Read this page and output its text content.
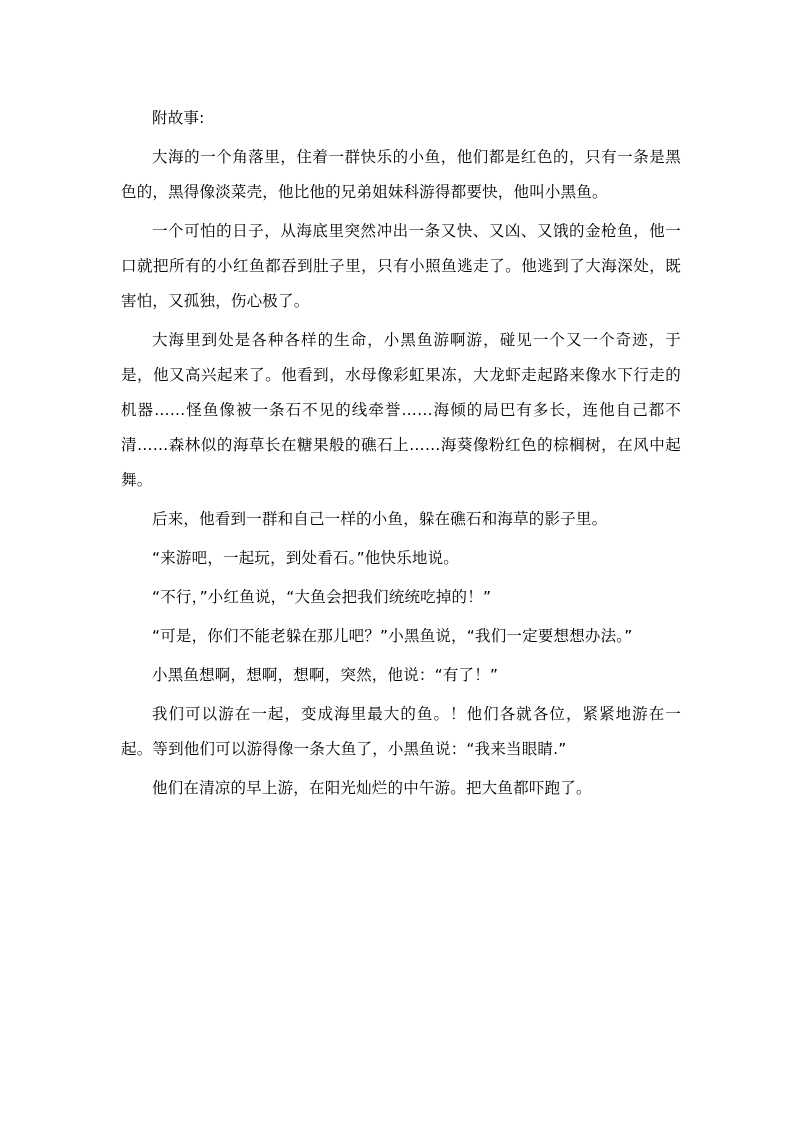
附故事:

大海的一个角落里，住着一群快乐的小鱼，他们都是红色的，只有一条是黑色的，黑得像淡菜壳，他比他的兄弟姐妹科游得都要快，他叫小黑鱼。

一个可怕的日子，从海底里突然冲出一条又快、又凶、又饿的金枪鱼，他一口就把所有的小红鱼都吞到肚子里，只有小照鱼逃走了。他逃到了大海深处，既害怕，又孤独，伤心极了。

大海里到处是各种各样的生命，小黑鱼游啊游，碰见一个又一个奇迹，于是，他又高兴起来了。他看到，水母像彩虹果冻，大龙虾走起路来像水下行走的机器……怪鱼像被一条石不见的线牵誉……海倾的局巴有多长，连他自己都不清……森林似的海草长在糖果般的礁石上……海葵像粉红色的棕榈树，在风中起舞。

后来，他看到一群和自己一样的小鱼，躲在礁石和海草的影子里。

“来游吧，一起玩，到处看石。”他快乐地说。

“不行，”小红鱼说，“大鱼会把我们统统吃掉的！”

“可是，你们不能老躲在那儿吧？”小黑鱼说，“我们一定要想想办法。”

小黑鱼想啊，想啊，想啊，突然，他说：“有了！”

我们可以游在一起，变成海里最大的鱼。！他们各就各位，紧紧地游在一起。等到他们可以游得像一条大鱼了，小黑鱼说：“我来当眼睛.”

他们在清凉的早上游，在阳光灿烂的中午游。把大鱼都吓跑了。
